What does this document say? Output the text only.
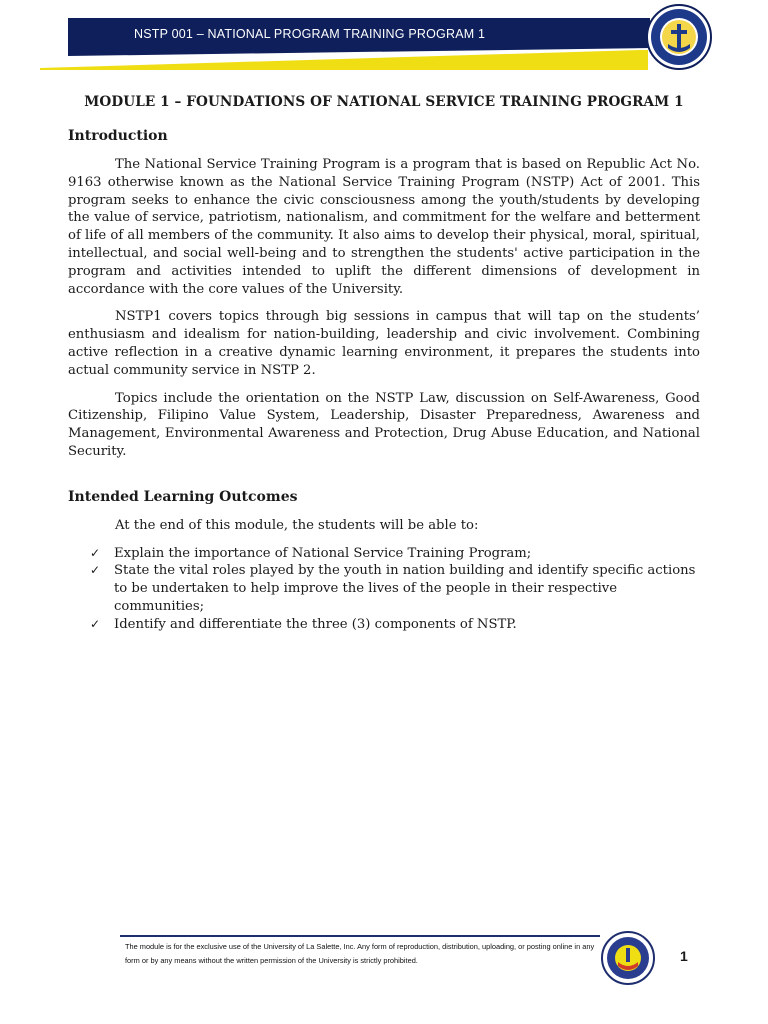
NSTP 001 – NATIONAL PROGRAM TRAINING PROGRAM 1
MODULE 1 – FOUNDATIONS OF NATIONAL SERVICE TRAINING PROGRAM 1
Introduction

The National Service Training Program is a program that is based on Republic Act No. 9163 otherwise known as the National Service Training Program (NSTP) Act of 2001. This program seeks to enhance the civic consciousness among the youth/students by developing the value of service, patriotism, nationalism, and commitment for the welfare and betterment of life of all members of the community. It also aims to develop their physical, moral, spiritual, intellectual, and social well-being and to strengthen the students' active participation in the program and activities intended to uplift the different dimensions of development in accordance with the core values of the University.

NSTP1 covers topics through big sessions in campus that will tap on the students’ enthusiasm and idealism for nation-building, leadership and civic involvement. Combining active reflection in a creative dynamic learning environment, it prepares the students into actual community service in NSTP 2.

Topics include the orientation on the NSTP Law, discussion on Self-Awareness, Good Citizenship, Filipino Value System, Leadership, Disaster Preparedness, Awareness and Management, Environmental Awareness and Protection, Drug Abuse Education, and National Security.

Intended Learning Outcomes

At the end of this module, the students will be able to:

✓ Explain the importance of National Service Training Program;
✓ State the vital roles played by the youth in nation building and identify specific actions to be undertaken to help improve the lives of the people in their respective communities;
✓ Identify and differentiate the three (3) components of NSTP.
The module is for the exclusive use of the University of La Salette, Inc. Any form of reproduction, distribution, uploading, or posting online in any form or by any means without the written permission of the University is strictly prohibited.	1
